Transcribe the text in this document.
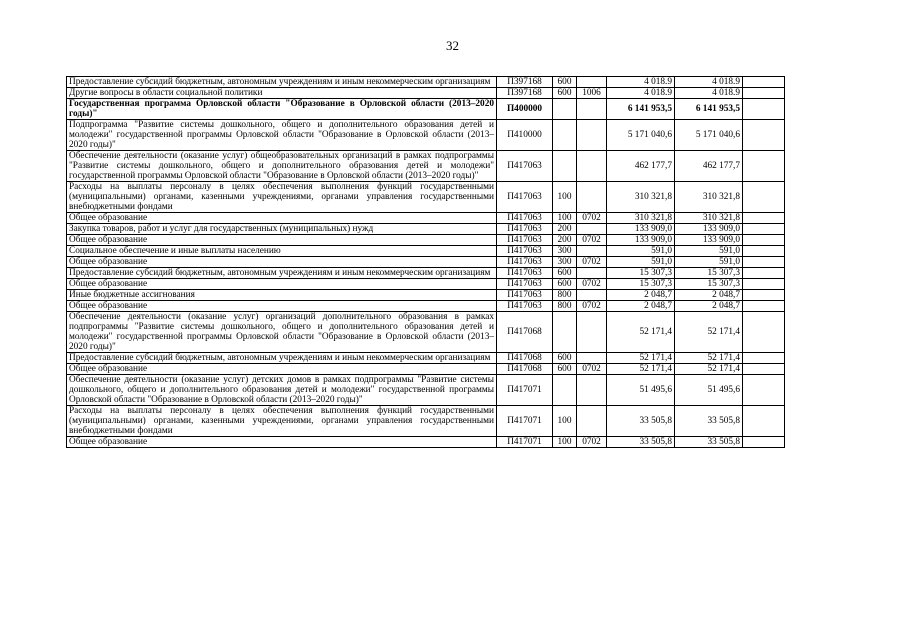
32
Предоставление субсидий бюджетным, автономным учреждениям и иным некоммерческим организациям	П397168	600		4 018.9	4 018.9	
Другие вопросы в области социальной политики	П397168	600	1006	4 018.9	4 018.9	
Государственная программа Орловской области "Образование в Орловской области (2013–2020 годы)"	П400000			6 141 953,5	6 141 953,5	
Подпрограмма "Развитие системы дошкольного, общего и дополнительного образования детей и молодежи" государственной программы Орловской области "Образование в Орловской области (2013–2020 годы)"	П410000			5 171 040,6	5 171 040,6	
Обеспечение деятельности (оказание услуг) общеобразовательных организаций в рамках подпрограммы "Развитие системы дошкольного, общего и дополнительного образования детей и молодежи" государственной программы Орловской области "Образование в Орловской области (2013–2020 годы)"	П417063			462 177,7	462 177,7	
Расходы на выплаты персоналу в целях обеспечения выполнения функций государственными (муниципальными) органами, казенными учреждениями, органами управления государственными внебюджетными фондами	П417063	100		310 321,8	310 321,8	
Общее образование	П417063	100	0702	310 321,8	310 321,8	
Закупка товаров, работ и услуг для государственных (муниципальных) нужд	П417063	200		133 909,0	133 909,0	
Общее образование	П417063	200	0702	133 909,0	133 909,0	
Социальное обеспечение и иные выплаты населению	П417063	300		591,0	591,0	
Общее образование	П417063	300	0702	591,0	591,0	
Предоставление субсидий бюджетным, автономным учреждениям и иным некоммерческим организациям	П417063	600		15 307,3	15 307,3	
Общее образование	П417063	600	0702	15 307,3	15 307,3	
Иные бюджетные ассигнования	П417063	800		2 048,7	2 048,7	
Общее образование	П417063	800	0702	2 048,7	2 048,7	
Обеспечение деятельности (оказание услуг) организаций дополнительного образования в рамках подпрограммы "Развитие системы дошкольного, общего и дополнительного образования детей и молодежи" государственной программы Орловской области "Образование в Орловской области (2013–2020 годы)"	П417068			52 171,4	52 171,4	
Предоставление субсидий бюджетным, автономным учреждениям и иным некоммерческим организациям	П417068	600		52 171,4	52 171,4	
Общее образование	П417068	600	0702	52 171,4	52 171,4	
Обеспечение деятельности (оказание услуг) детских домов в рамках подпрограммы "Развитие системы дошкольного, общего и дополнительного образования детей и молодежи" государственной программы Орловской области "Образование в Орловской области (2013–2020 годы)"	П417071			51 495,6	51 495,6	
Расходы на выплаты персоналу в целях обеспечения выполнения функций государственными (муниципальными) органами, казенными учреждениями, органами управления государственными внебюджетными фондами	П417071	100		33 505,8	33 505,8	
Общее образование	П417071	100	0702	33 505,8	33 505,8	
